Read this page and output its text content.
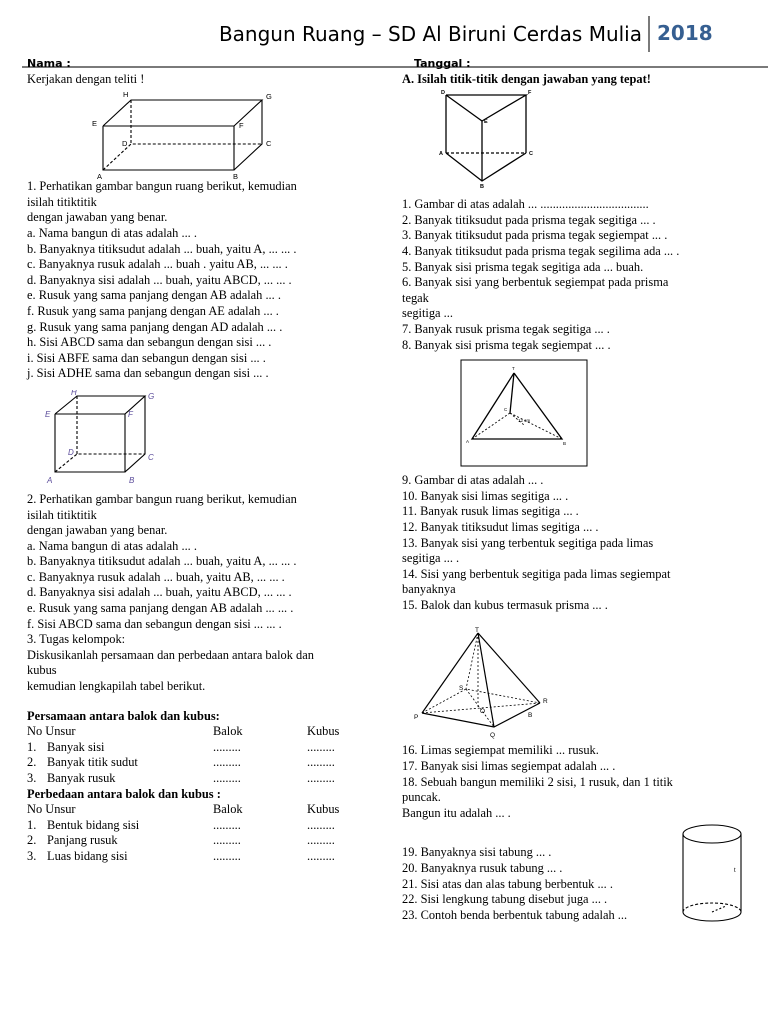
Bangun Ruang – SD Al Biruni Cerdas Mulia 2018

Nama :

Kerjakan dengan teliti !

H	G
E	F
D	C
A	B

1. Perhatikan gambar bangun ruang berikut, kemudian

isilah titiktitik

dengan jawaban yang benar.

a. Nama bangun di atas adalah ... .

b. Banyaknya titiksudut adalah ... buah, yaitu A, ... ... .

c. Banyaknya rusuk adalah ... buah . yaitu AB, ... ... .

d. Banyaknya sisi adalah ... buah, yaitu ABCD, ... ... .

e. Rusuk yang sama panjang dengan AB adalah ... .

f. Rusuk yang sama panjang dengan AE adalah ... .

g. Rusuk yang sama panjang dengan AD adalah ... .

h. Sisi ABCD sama dan sebangun dengan sisi ... .

i. Sisi ABFE sama dan sebangun dengan sisi ... .

j. Sisi ADHE sama dan sebangun dengan sisi ... .

H	G
E	F
D
C
A	B

2. Perhatikan gambar bangun ruang berikut, kemudian

isilah titiktitik

dengan jawaban yang benar.

a. Nama bangun di atas adalah ... .

b. Banyaknya titiksudut adalah ... buah, yaitu A, ... ... .

c. Banyaknya rusuk adalah ... buah, yaitu AB, ... ... .

d. Banyaknya sisi adalah ... buah, yaitu ABCD, ... ... .

e. Rusuk yang sama panjang dengan AB adalah ... ... .

f. Sisi ABCD sama dan sebangun dengan sisi ... ... .

3. Tugas kelompok:

Diskusikanlah persamaan dan perbedaan antara balok dan

kubus

kemudian lengkapilah tabel berikut.

Persamaan antara balok dan kubus:

No Unsur		Balok	Kubus
1.	Banyak sisi	.........	.........
2.	Banyak titik sudut	.........	.........
3.	Banyak rusuk	.........	.........

Perbedaan antara balok dan kubus :

No Unsur		Balok	Kubus
1.	Bentuk bidang sisi	.........	.........
2.	Panjang rusuk	.........	.........
3.	Luas bidang sisi	.........	.........

Tanggal :

A. Isilah titik-titik dengan jawaban yang tepat!

D	F
E
A	C
B

1. Gambar di atas adalah ... ...................................

2. Banyak titiksudut pada prisma tegak segitiga ... .

3. Banyak titiksudut pada prisma tegak segiempat ... .

4. Banyak titiksudut pada prisma tegak segilima ada ... .

5. Banyak sisi prisma tegak segitiga ada ... buah.

6. Banyak sisi yang berbentuk segiempat pada prisma

tegak

segitiga ...

7. Banyak rusuk prisma tegak segitiga ... .

8. Banyak sisi prisma tegak segiempat ... .

T
C
12 cm
A	B

9. Gambar di atas adalah ... .

10. Banyak sisi limas segitiga ... .

11. Banyak rusuk limas segitiga ... .

12. Banyak titiksudut limas segitiga ... .

13. Banyak sisi yang terbentuk segitiga pada limas

segitiga ... .

14. Sisi yang berbentuk segitiga pada limas segiempat

banyaknya

15. Balok dan kubus termasuk prisma ... .

T
S
R
O
B
P
Q

16. Limas segiempat memiliki ... rusuk.

17. Banyak sisi limas segiempat adalah ... .

18. Sebuah bangun memiliki 2 sisi, 1 rusuk, dan 1 titik

puncak.

Bangun itu adalah ... .

19. Banyaknya sisi tabung ... .

20. Banyaknya rusuk tabung ... .

21. Sisi atas dan alas tabung berbentuk ... .

22. Sisi lengkung tabung disebut juga ... .

23. Contoh benda berbentuk tabung adalah ...

t
